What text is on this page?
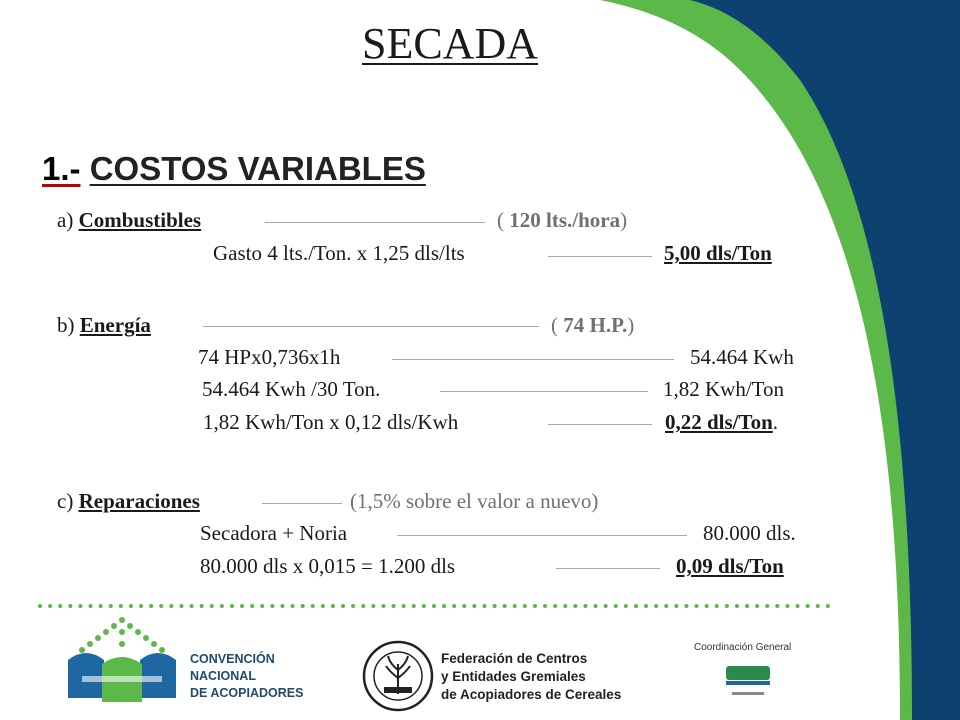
SECADA
1.- COSTOS VARIABLES
a) Combustibles	( 120 lts./hora)
Gasto 4 lts./Ton. x 1,25 dls/lts	5,00 dls/Ton
b) Energía	( 74 H.P.)
74 HPx0,736x1h	54.464 Kwh
54.464 Kwh /30 Ton.	1,82 Kwh/Ton
1,82 Kwh/Ton x 0,12 dls/Kwh	0,22 dls/Ton.
c) Reparaciones	(1,5% sobre el valor a nuevo)
Secadora + Noria	80.000 dls.
80.000 dls x 0,015 = 1.200 dls	0,09 dls/Ton
CONVENCIÓN
NACIONAL
DE ACOPIADORES
Federación de Centros
y Entidades Gremiales
de Acopiadores de Cereales
Coordinación General
